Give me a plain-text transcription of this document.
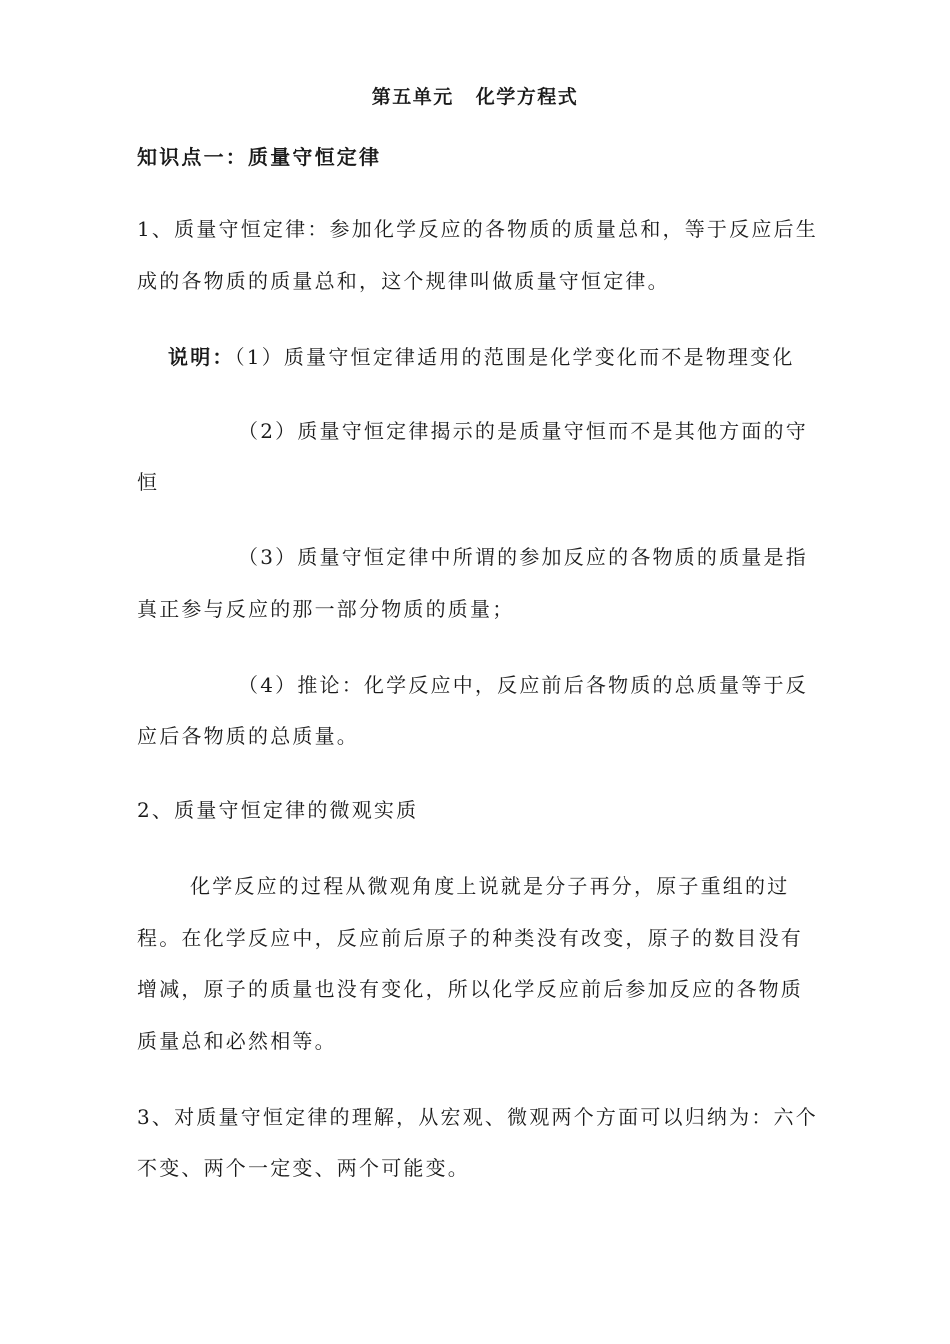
第五单元 化学方程式
知识点一：质量守恒定律
1、质量守恒定律：参加化学反应的各物质的质量总和，等于反应后生
成的各物质的质量总和，这个规律叫做质量守恒定律。
说明：（1）质量守恒定律适用的范围是化学变化而不是物理变化
（2）质量守恒定律揭示的是质量守恒而不是其他方面的守
恒
（3）质量守恒定律中所谓的参加反应的各物质的质量是指
真正参与反应的那一部分物质的质量；
（4）推论：化学反应中，反应前后各物质的总质量等于反
应后各物质的总质量。
2、质量守恒定律的微观实质
化学反应的过程从微观角度上说就是分子再分，原子重组的过
程。在化学反应中，反应前后原子的种类没有改变，原子的数目没有
增减，原子的质量也没有变化，所以化学反应前后参加反应的各物质
质量总和必然相等。
3、对质量守恒定律的理解，从宏观、微观两个方面可以归纳为：六个
不变、两个一定变、两个可能变。
